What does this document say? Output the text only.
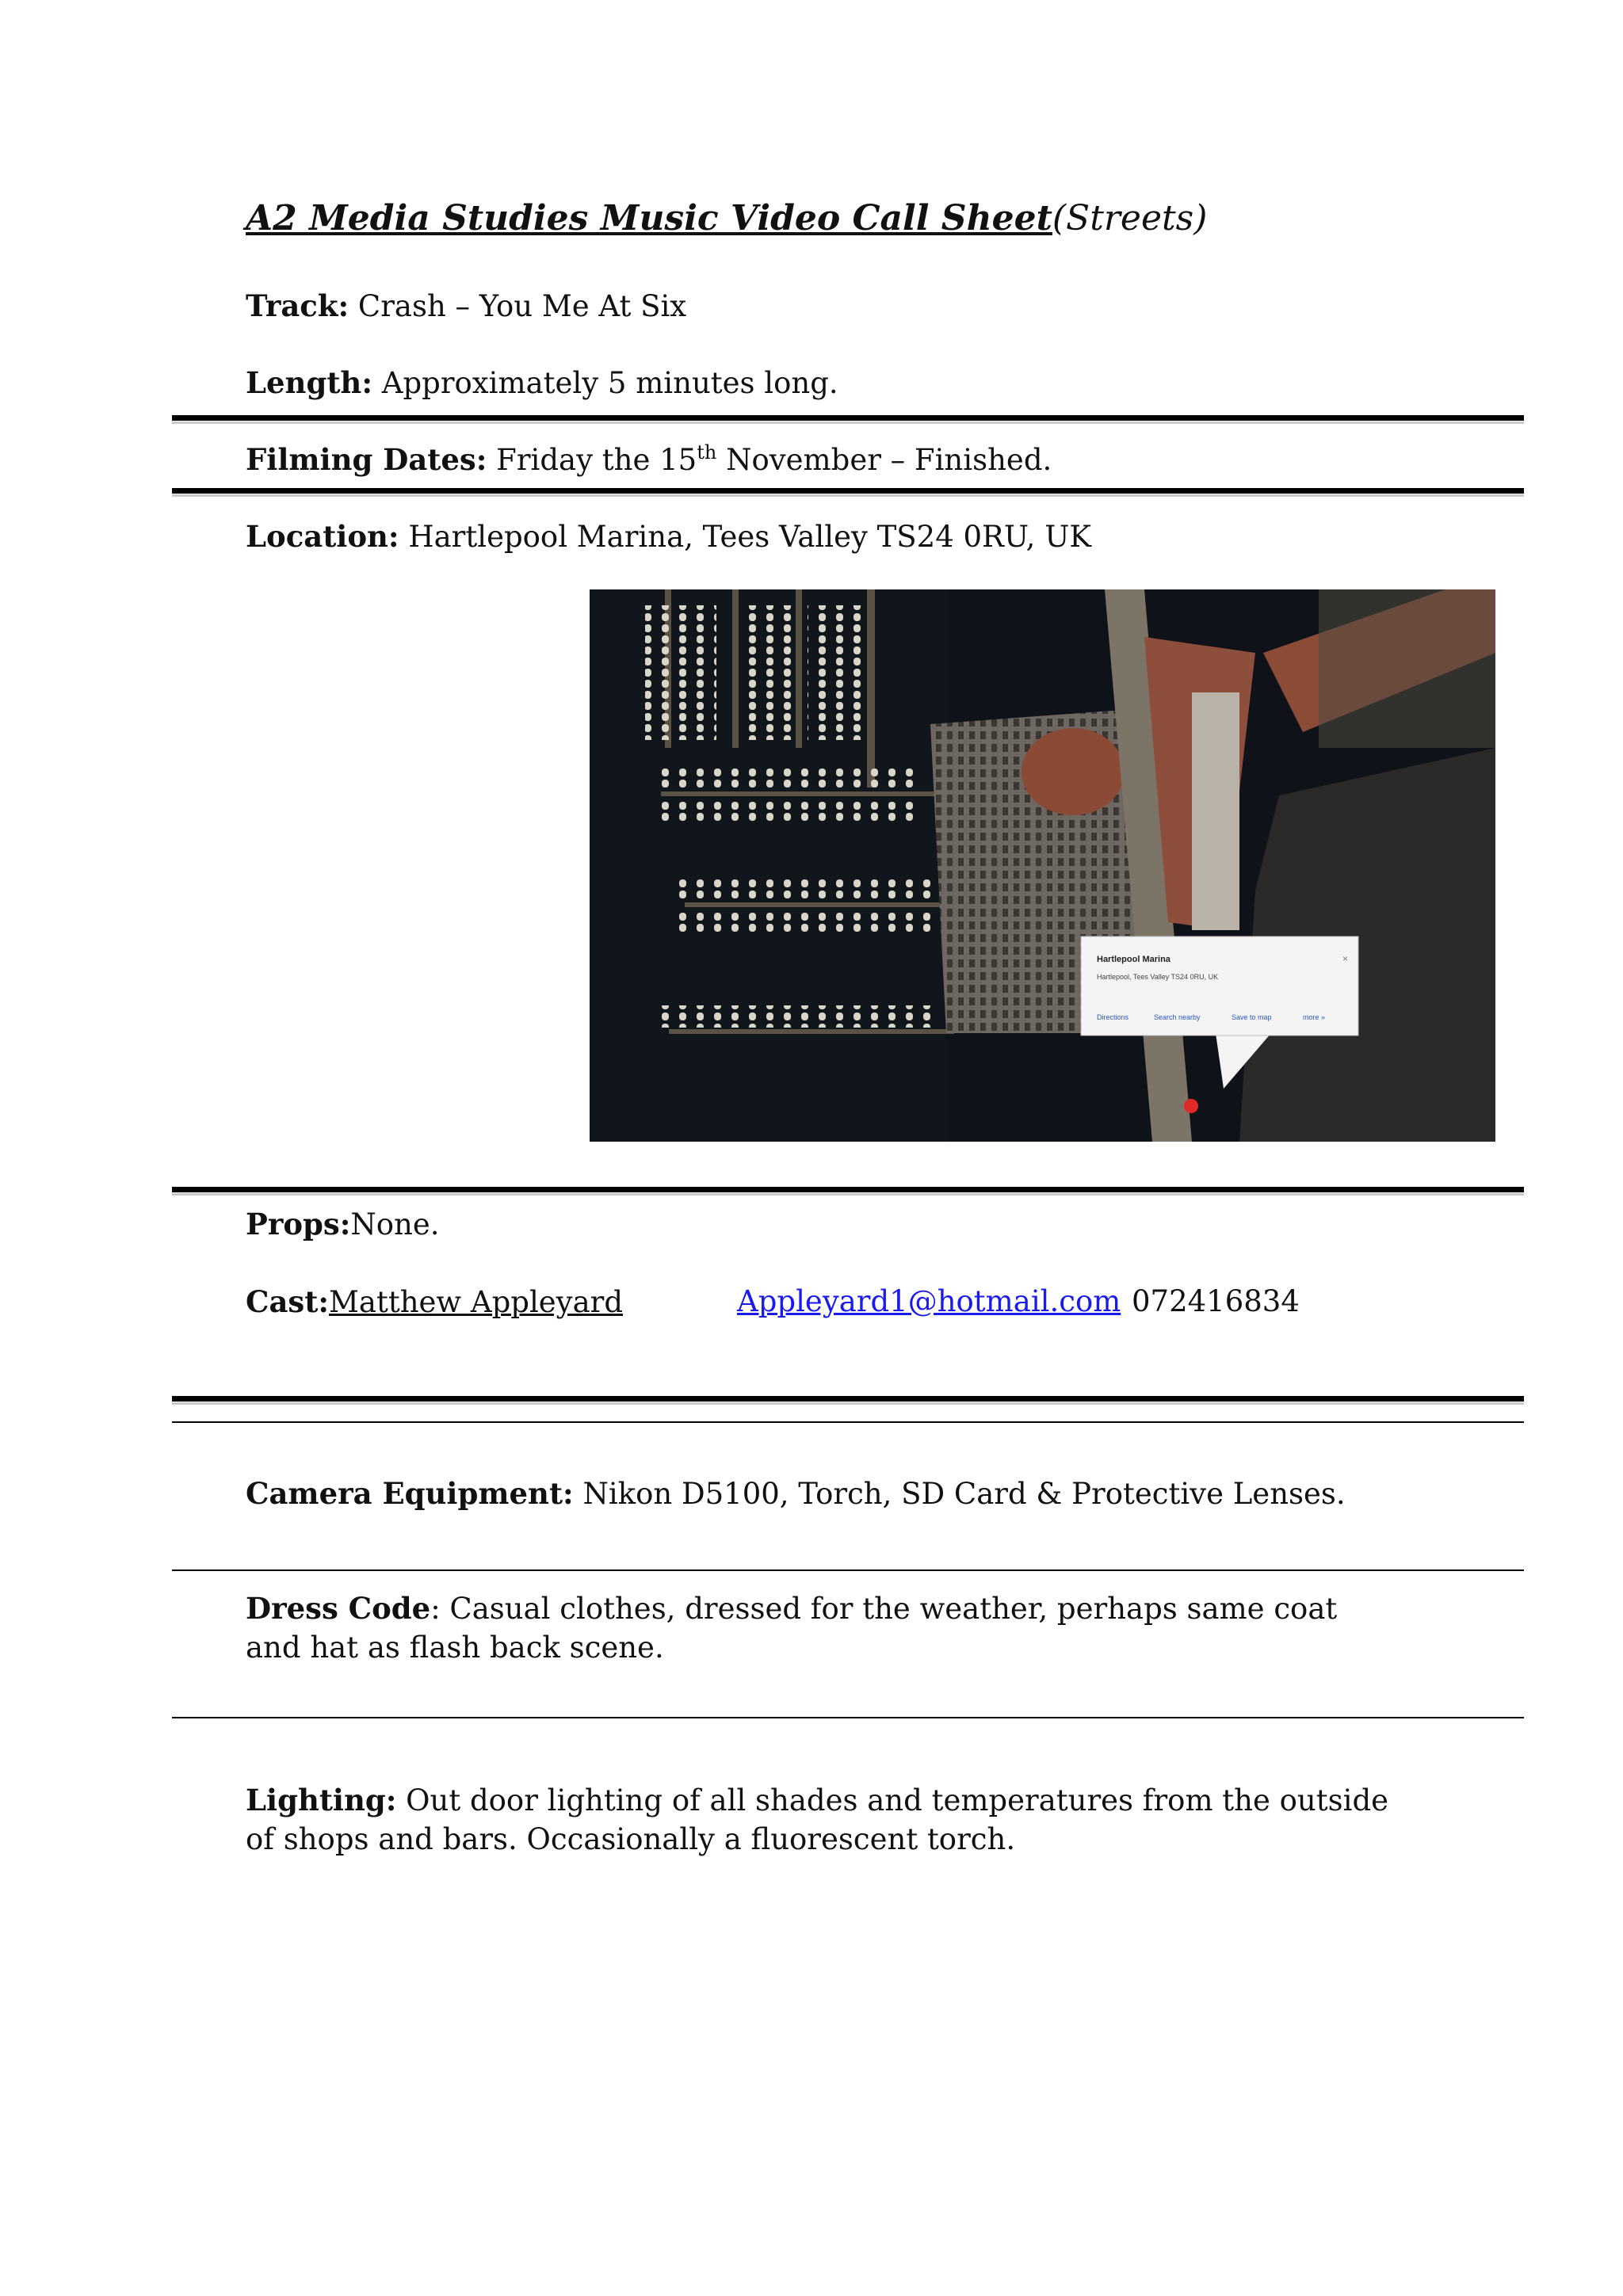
A2 Media Studies Music Video Call Sheet(Streets)
Track: Crash – You Me At Six
Length: Approximately 5 minutes long.
Filming Dates: Friday the 15th November – Finished.
Location: Hartlepool Marina, Tees Valley TS24 0RU, UK
Hartlepool Marina	×
Hartlepool, Tees Valley TS24 0RU, UK
Directions	Search nearby	Save to map	more »
Props:None.
Cast:Matthew Appleyard	Appleyard1@hotmail.com 072416834
Camera Equipment: Nikon D5100, Torch, SD Card & Protective Lenses.
Dress Code: Casual clothes, dressed for the weather, perhaps same coat and hat as flash back scene.
Lighting: Out door lighting of all shades and temperatures from the outside of shops and bars. Occasionally a fluorescent torch.
